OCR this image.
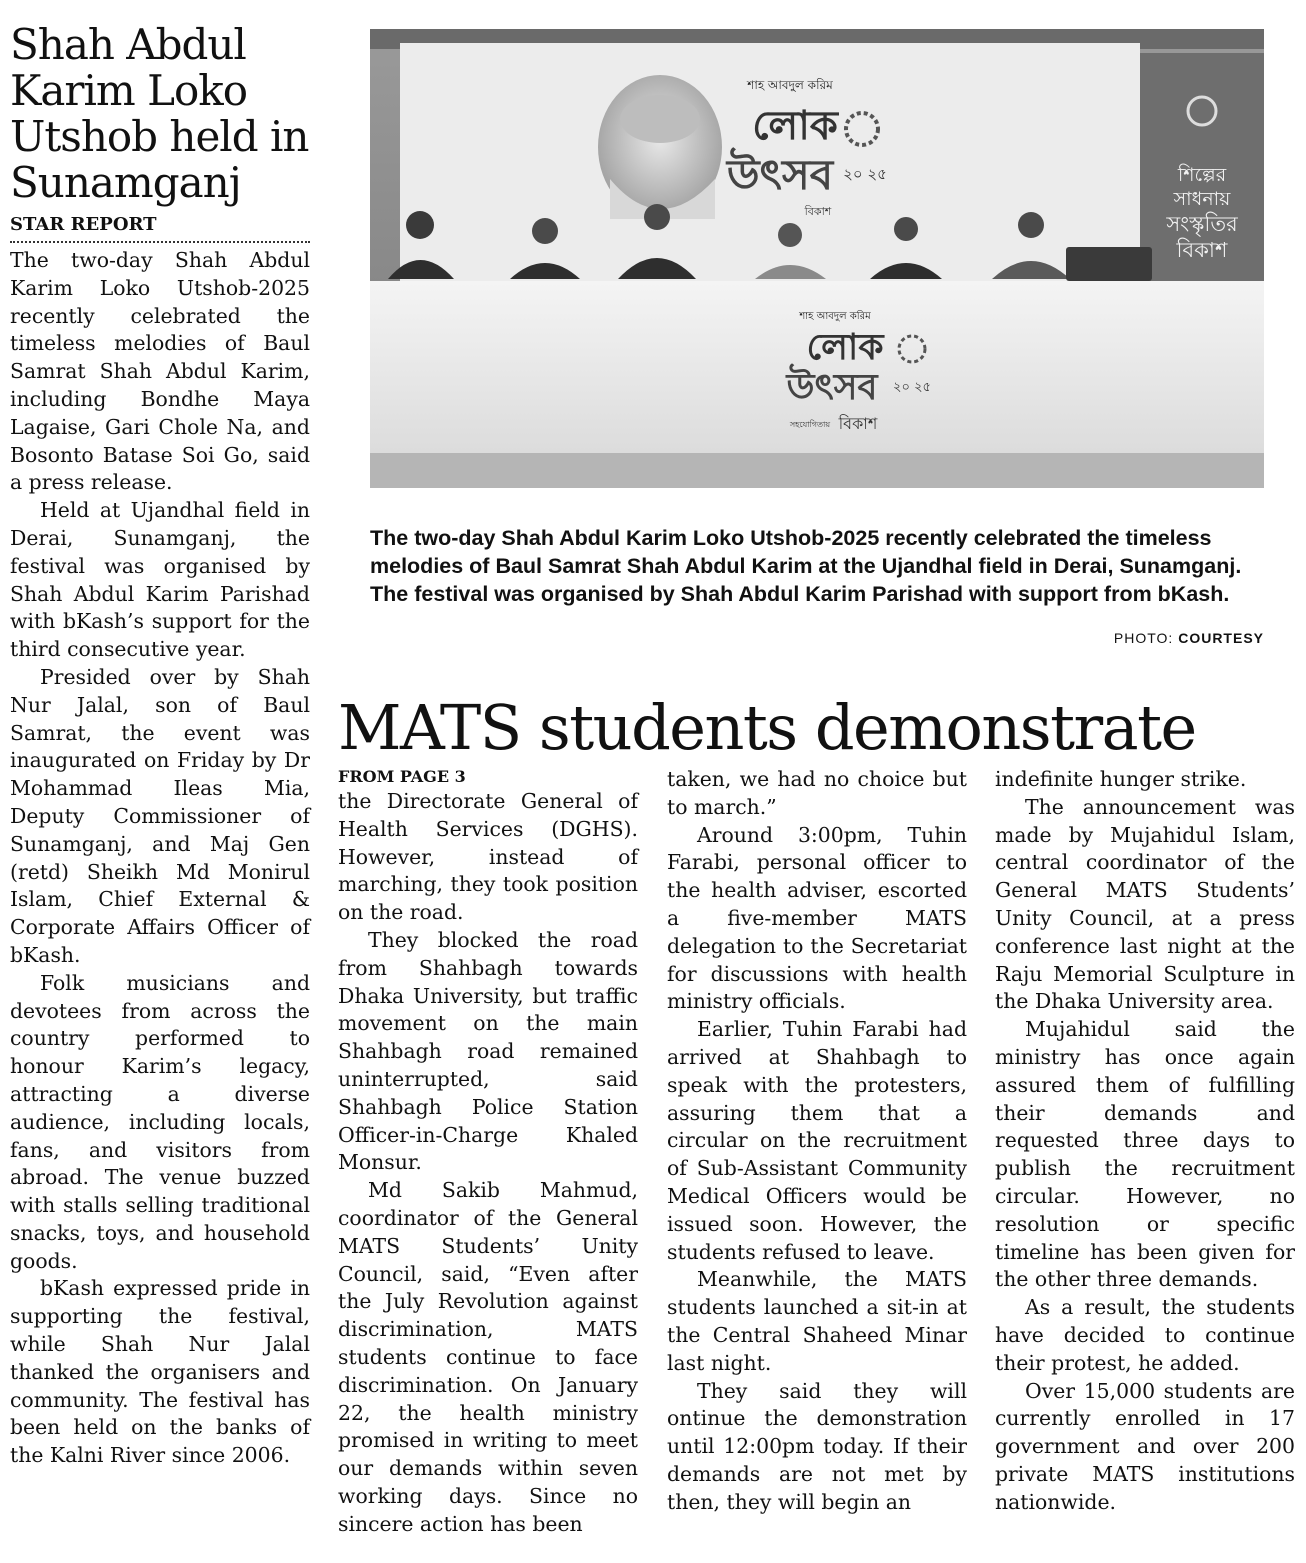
Shah Abdul Karim Loko Utshob held in Sunamganj
STAR REPORT

The two-day Shah Abdul Karim Loko Utshob-2025 recently celebrated the timeless melodies of Baul Samrat Shah Abdul Karim, including Bondhe Maya Lagaise, Gari Chole Na, and Bosonto Batase Soi Go, said a press release.

Held at Ujandhal field in Derai, Sunamganj, the festival was organised by Shah Abdul Karim Parishad with bKash’s support for the third consecutive year.

Presided over by Shah Nur Jalal, son of Baul Samrat, the event was inaugurated on Friday by Dr Mohammad Ileas Mia, Deputy Commissioner of Sunamganj, and Maj Gen (retd) Sheikh Md Monirul Islam, Chief External & Corporate Affairs Officer of bKash.

Folk musicians and devotees from across the country performed to honour Karim’s legacy, attracting a diverse audience, including locals, fans, and visitors from abroad. The venue buzzed with stalls selling traditional snacks, toys, and household goods.

bKash expressed pride in supporting the festival, while Shah Nur Jalal thanked the organisers and community. The festival has been held on the banks of the Kalni River since 2006.

শিল্পের
সাধনায়
সংস্কৃতির
বিকাশ
শাহ আবদুল করিম
লোক
উৎসব ২০ ২৫
বিকাশ
শাহ আবদুল করিম
লোক
উৎসব ২০ ২৫
সহযোগিতায় বিকাশ
The two-day Shah Abdul Karim Loko Utshob-2025 recently celebrated the timeless melodies of Baul Samrat Shah Abdul Karim at the Ujandhal field in Derai, Sunamganj. The festival was organised by Shah Abdul Karim Parishad with support from bKash.
PHOTO: COURTESY
MATS students demonstrate
FROM PAGE 3

the Directorate General of Health Services (DGHS). However, instead of marching, they took position on the road.

They blocked the road from Shahbagh towards Dhaka University, but traffic movement on the main Shahbagh road remained uninterrupted, said Shahbagh Police Station Officer-in-Charge Khaled Monsur.

Md Sakib Mahmud, coordinator of the General MATS Students’ Unity Council, said, “Even after the July Revolution against discrimination, MATS students continue to face discrimination. On January 22, the health ministry promised in writing to meet our demands within seven working days. Since no sincere action has been

taken, we had no choice but to march.”

Around 3:00pm, Tuhin Farabi, personal officer to the health adviser, escorted a five-member MATS delegation to the Secretariat for discussions with health ministry officials.

Earlier, Tuhin Farabi had arrived at Shahbagh to speak with the protesters, assuring them that a circular on the recruitment of Sub-Assistant Community Medical Officers would be issued soon. However, the students refused to leave.

Meanwhile, the MATS students launched a sit-in at the Central Shaheed Minar last night.

They said they will ontinue the demonstration until 12:00pm today. If their demands are not met by then, they will begin an

indefinite hunger strike.

The announcement was made by Mujahidul Islam, central coordinator of the General MATS Students’ Unity Council, at a press conference last night at the Raju Memorial Sculpture in the Dhaka University area.

Mujahidul said the ministry has once again assured them of fulfilling their demands and requested three days to publish the recruitment circular. However, no resolution or specific timeline has been given for the other three demands.

As a result, the students have decided to continue their protest, he added.

Over 15,000 students are currently enrolled in 17 government and over 200 private MATS institutions nationwide.
